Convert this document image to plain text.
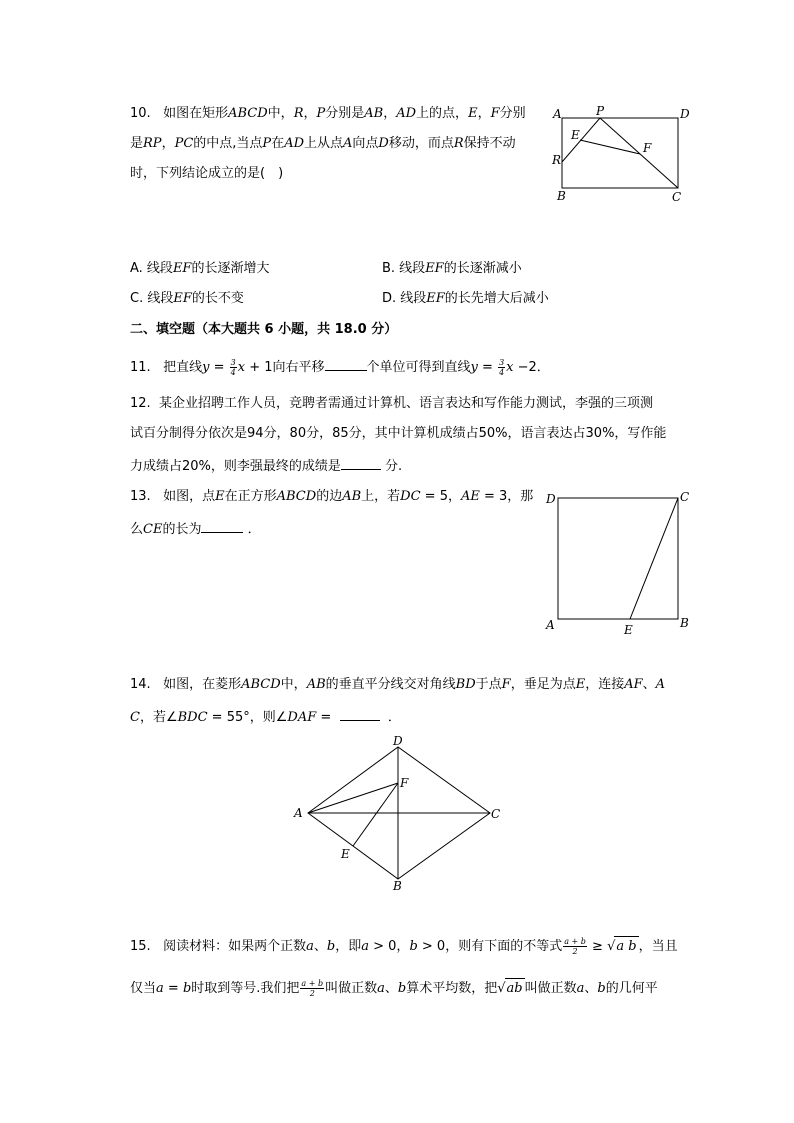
10. 如图在矩形ABCD中，R，P分别是AB，AD上的点，E，F分别
是RP，PC的中点,当点P在AD上从点A向点D移动，而点R保持不动
时，下列结论成立的是(　)
A	P	D
E
F
R
B	C
A. 线段EF的长逐渐增大	B. 线段EF的长逐渐减小
C. 线段EF的长不变	D. 线段EF的长先增大后减小
二、填空题（本大题共 6 小题，共 18.0 分）
11. 把直线$y = \frac{3}{4}$ x + 1向右平移	个单位可得到直线$y = \frac{3}{4}$ x −2．
12. 某企业招聘工作人员，竞聘者需通过计算机、语言表达和写作能力测试，李强的三项测
试百分制得分依次是94分，80分，85分，其中计算机成绩占50%，语言表达占30%，写作能
力成绩占20%，则李强最终的成绩是	分.
13. 如图，点E在正方形ABCD的边AB上，若DC = 5，AE = 3，那
么CE的长为	．
D	C
A	E	B
14. 如图，在菱形ABCD中，AB的垂直平分线交对角线BD于点F，垂足为点E，连接AF、A
C，若∠BDC = 55°，则∠DAF =	．
D
F
A	C
E
B
15. 阅读材料：如果两个正数a、b，即a > 0，b > 0，则有下面的不等式 $\frac{a + b}{2} \ge √a$ b ，当且
仅当a = b时取到等号.我们把 $\frac{a + b}{2}$ 叫做正数a、b算术平均数，把√ab 叫做正数a、b的几何平
